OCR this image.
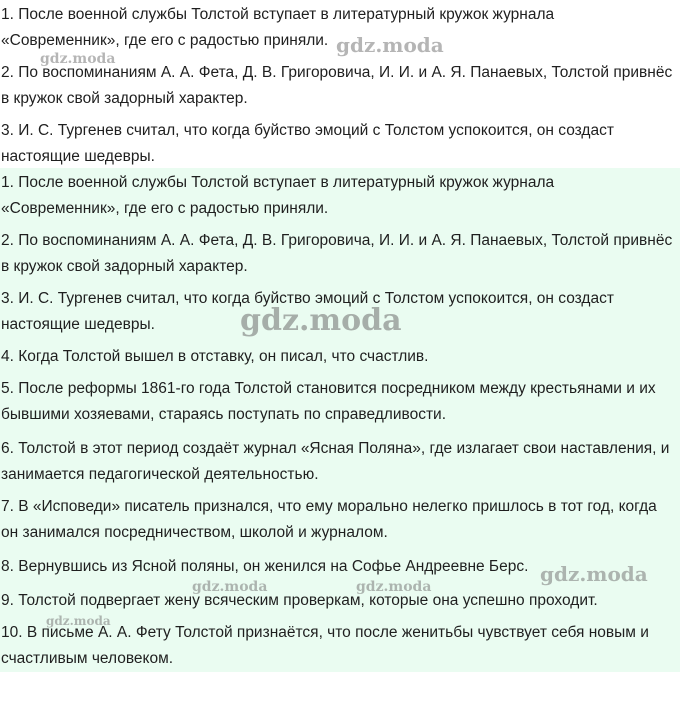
1. После военной службы Толстой вступает в литературный кружок журнала «Современник», где его с радостью приняли.

2. По воспоминаниям А. А. Фета, Д. В. Григоровича, И. И. и А. Я. Панаевых, Толстой привнёс в кружок свой задорный характер.

3. И. С. Тургенев считал, что когда буйство эмоций с Толстом успокоится, он создаст настоящие шедевры.

1. После военной службы Толстой вступает в литературный кружок журнала «Современник», где его с радостью приняли.

2. По воспоминаниям А. А. Фета, Д. В. Григоровича, И. И. и А. Я. Панаевых, Толстой привнёс в кружок свой задорный характер.

3. И. С. Тургенев считал, что когда буйство эмоций с Толстом успокоится, он создаст настоящие шедевры.

4. Когда Толстой вышел в отставку, он писал, что счастлив.

5. После реформы 1861-го года Толстой становится посредником между крестьянами и их бывшими хозяевами, стараясь поступать по справедливости.

6. Толстой в этот период создаёт журнал «Ясная Поляна», где излагает свои наставления, и занимается педагогической деятельностью.

7. В «Исповеди» писатель признался, что ему морально нелегко пришлось в тот год, когда он занимался посредничеством, школой и журналом.

8. Вернувшись из Ясной поляны, он женился на Софье Андреевне Берс.

9. Толстой подвергает жену всяческим проверкам, которые она успешно проходит.

10. В письме А. А. Фету Толстой признаётся, что после женитьбы чувствует себя новым и счастливым человеком.

gdz.moda
gdz.moda
gdz.moda
gdz.moda
gdz.moda	gdz.moda
gdz.moda
